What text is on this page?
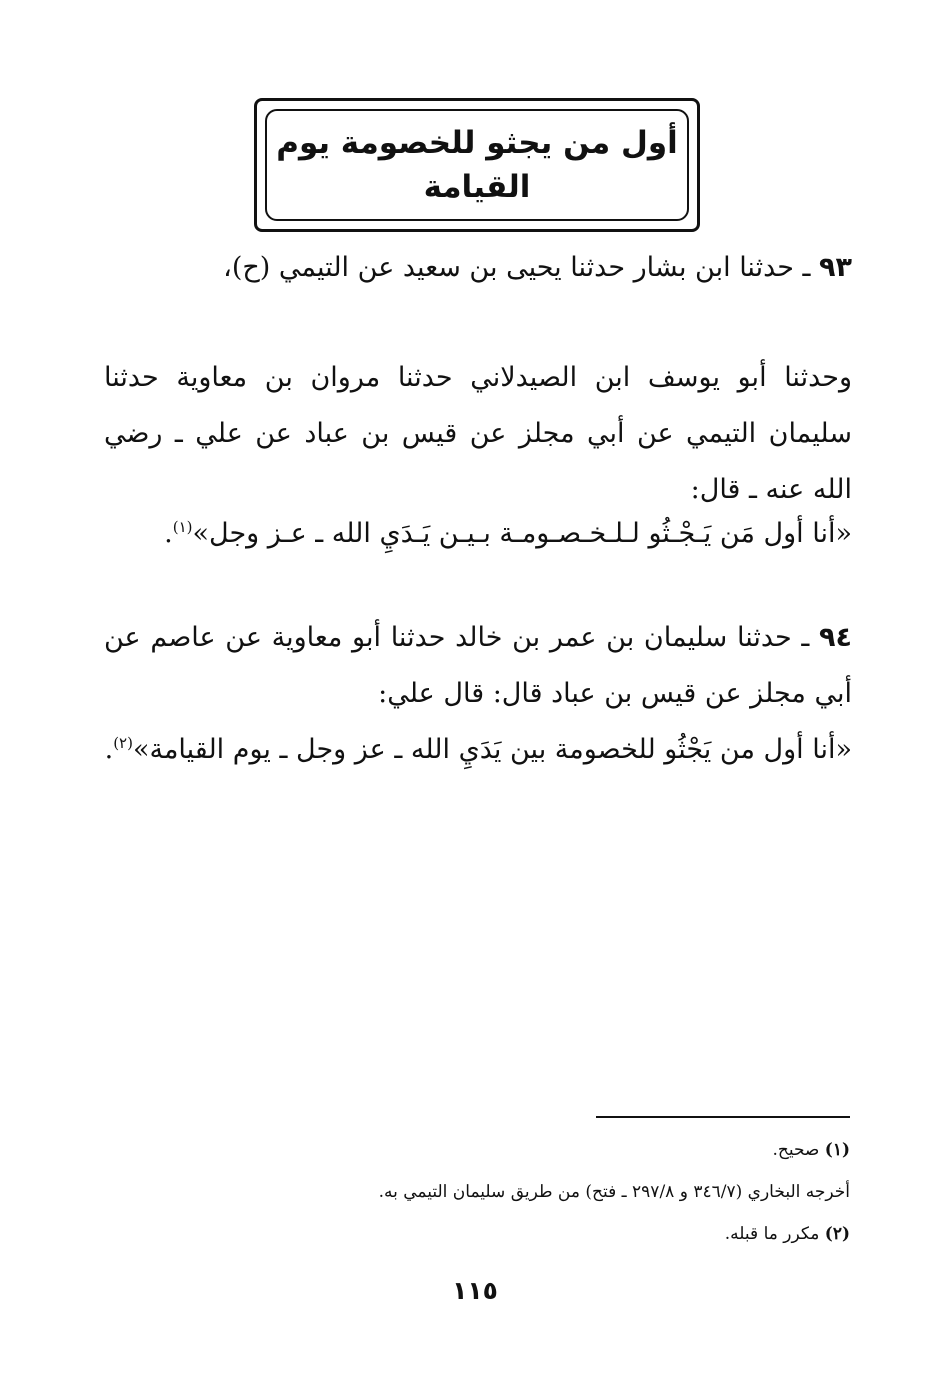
أول من يجثو للخصومة يوم
القيامة

٩٣ ـ حدثنا ابن بشار حدثنا يحيى بن سعيد عن التيمي (ح)،

وحدثنا أبو يوسف ابن الصيدلاني حدثنا مروان بن معاوية حدثنا سليمان التيمي عن أبي مجلز عن قيس بن عباد عن علي ـ رضي الله عنه ـ قال:

«أنا أول مَن يَـجْـثُو لـلـخـصـومـة بـيـن يَـدَيِ الله ـ عـز وجل»$^{(١)}$.

٩٤ ـ حدثنا سليمان بن عمر بن خالد حدثنا أبو معاوية عن عاصم عن أبي مجلز عن قيس بن عباد قال: قال علي:

«أنا أول من يَجْثُو للخصومة بين يَدَيِ الله ـ عز وجل ـ يوم القيامة»$^{(٢)}$.

(١) صحيح.
أخرجه البخاري (٣٤٦/٧ و ٢٩٧/٨ ـ فتح) من طريق سليمان التيمي به.
(٢) مكرر ما قبله.
١١٥
